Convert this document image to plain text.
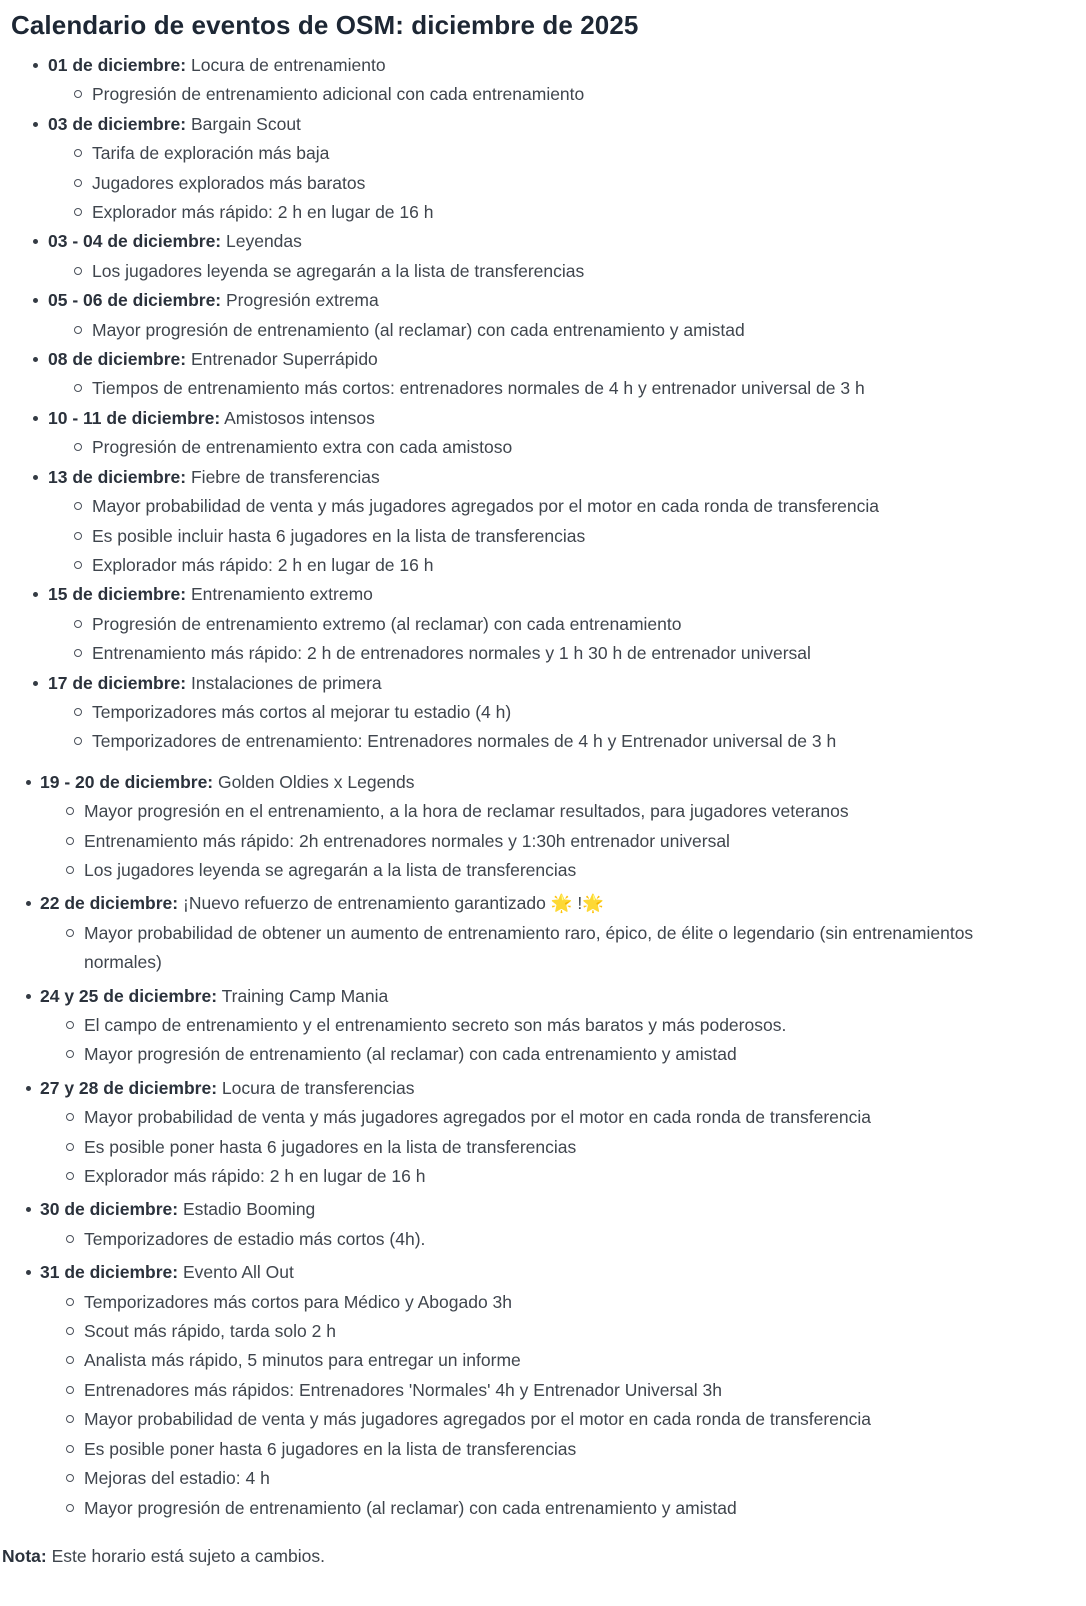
Calendario de eventos de OSM: diciembre de 2025
01 de diciembre: Locura de entrenamiento
Progresión de entrenamiento adicional con cada entrenamiento
03 de diciembre: Bargain Scout
Tarifa de exploración más baja
Jugadores explorados más baratos
Explorador más rápido: 2 h en lugar de 16 h
03 - 04 de diciembre: Leyendas
Los jugadores leyenda se agregarán a la lista de transferencias
05 - 06 de diciembre: Progresión extrema
Mayor progresión de entrenamiento (al reclamar) con cada entrenamiento y amistad
08 de diciembre: Entrenador Superrápido
Tiempos de entrenamiento más cortos: entrenadores normales de 4 h y entrenador universal de 3 h
10 - 11 de diciembre: Amistosos intensos
Progresión de entrenamiento extra con cada amistoso
13 de diciembre: Fiebre de transferencias
Mayor probabilidad de venta y más jugadores agregados por el motor en cada ronda de transferencia
Es posible incluir hasta 6 jugadores en la lista de transferencias
Explorador más rápido: 2 h en lugar de 16 h
15 de diciembre: Entrenamiento extremo
Progresión de entrenamiento extremo (al reclamar) con cada entrenamiento
Entrenamiento más rápido: 2 h de entrenadores normales y 1 h 30 h de entrenador universal
17 de diciembre: Instalaciones de primera
Temporizadores más cortos al mejorar tu estadio (4 h)
Temporizadores de entrenamiento: Entrenadores normales de 4 h y Entrenador universal de 3 h
19 - 20 de diciembre: Golden Oldies x Legends
Mayor progresión en el entrenamiento, a la hora de reclamar resultados, para jugadores veteranos
Entrenamiento más rápido: 2h entrenadores normales y 1:30h entrenador universal
Los jugadores leyenda se agregarán a la lista de transferencias
22 de diciembre: ¡Nuevo refuerzo de entrenamiento garantizado 🌟 !🌟
Mayor probabilidad de obtener un aumento de entrenamiento raro, épico, de élite o legendario (sin entrenamientos normales)
24 y 25 de diciembre: Training Camp Mania
El campo de entrenamiento y el entrenamiento secreto son más baratos y más poderosos.
Mayor progresión de entrenamiento (al reclamar) con cada entrenamiento y amistad
27 y 28 de diciembre: Locura de transferencias
Mayor probabilidad de venta y más jugadores agregados por el motor en cada ronda de transferencia
Es posible poner hasta 6 jugadores en la lista de transferencias
Explorador más rápido: 2 h en lugar de 16 h
30 de diciembre: Estadio Booming
Temporizadores de estadio más cortos (4h).
31 de diciembre: Evento All Out
Temporizadores más cortos para Médico y Abogado 3h
Scout más rápido, tarda solo 2 h
Analista más rápido, 5 minutos para entregar un informe
Entrenadores más rápidos: Entrenadores 'Normales' 4h y Entrenador Universal 3h
Mayor probabilidad de venta y más jugadores agregados por el motor en cada ronda de transferencia
Es posible poner hasta 6 jugadores en la lista de transferencias
Mejoras del estadio: 4 h
Mayor progresión de entrenamiento (al reclamar) con cada entrenamiento y amistad

Nota: Este horario está sujeto a cambios.
